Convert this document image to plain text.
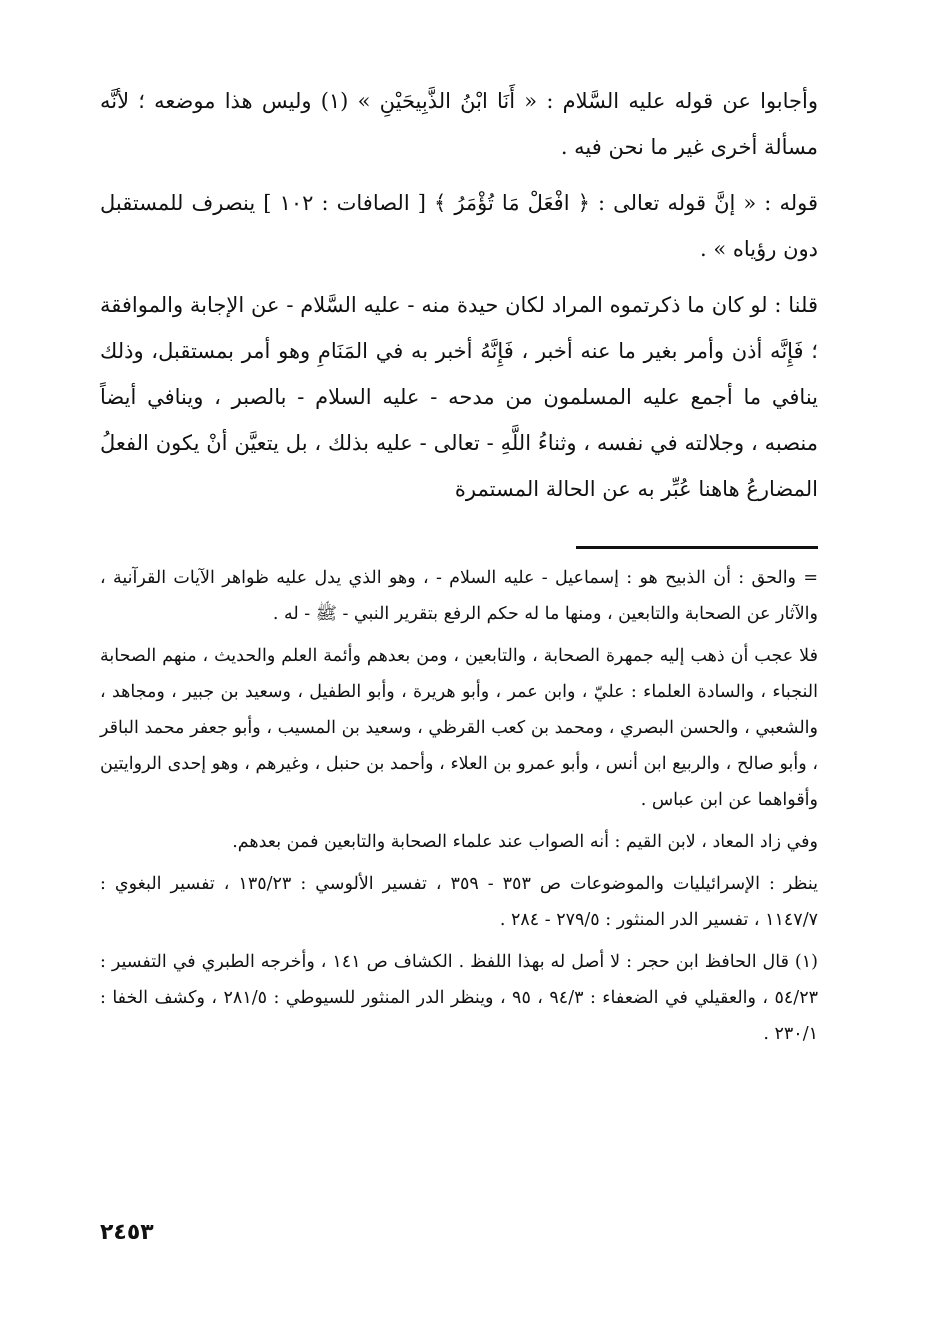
وأجابوا عن قوله عليه السَّلام : « أَنَا ابْنُ الذَّبِيحَيْنِ » (١) وليس هذا موضعه ؛ لأنَّه مسألة أخرى غير ما نحن فيه .

قوله : « إنَّ قوله تعالى : ﴿ افْعَلْ مَا تُؤْمَرُ ﴾ [ الصافات : ١٠٢ ] ينصرف للمستقبل دون رؤياه » .

قلنا : لو كان ما ذكرتموه المراد لكان حيدة منه - عليه السَّلام - عن الإجابة والموافقة ؛ فَإِنَّه أذن وأمر بغير ما عنه أخبر ، فَإِنَّهُ أخبر به في المَنَامِ وهو أمر بمستقبل، وذلك ينافي ما أجمع عليه المسلمون من مدحه - عليه السلام - بالصبر ، وينافي أيضاً منصبه ، وجلالته في نفسه ، وثناءُ اللَّهِ - تعالى - عليه بذلك ، بل يتعيَّن أنْ يكون الفعلُ المضارعُ هاهنا عُبِّر به عن الحالة المستمرة

= والحق : أن الذبيح هو : إسماعيل - عليه السلام - ، وهو الذي يدل عليه ظواهر الآيات القرآنية ، والآثار عن الصحابة والتابعين ، ومنها ما له حكم الرفع بتقرير النبي - ﷺ - له .

فلا عجب أن ذهب إليه جمهرة الصحابة ، والتابعين ، ومن بعدهم وأئمة العلم والحديث ، منهم الصحابة النجباء ، والسادة العلماء : عليّ ، وابن عمر ، وأبو هريرة ، وأبو الطفيل ، وسعيد بن جبير ، ومجاهد ، والشعبي ، والحسن البصري ، ومحمد بن كعب القرظي ، وسعيد بن المسيب ، وأبو جعفر محمد الباقر ، وأبو صالح ، والربيع ابن أنس ، وأبو عمرو بن العلاء ، وأحمد بن حنبل ، وغيرهم ، وهو إحدى الروايتين وأقواهما عن ابن عباس .

وفي زاد المعاد ، لابن القيم : أنه الصواب عند علماء الصحابة والتابعين فمن بعدهم.

ينظر : الإسرائيليات والموضوعات ص ٣٥٣ - ٣٥٩ ، تفسير الألوسي : ١٣٥/٢٣ ، تفسير البغوي : ١١٤٧/٧ ، تفسير الدر المنثور : ٢٧٩/٥ - ٢٨٤ .

(١) قال الحافظ ابن حجر : لا أصل له بهذا اللفظ . الكشاف ص ١٤١ ، وأخرجه الطبري في التفسير : ٥٤/٢٣ ، والعقيلي في الضعفاء : ٩٤/٣ ، ٩٥ ، وينظر الدر المنثور للسيوطي : ٢٨١/٥ ، وكشف الخفا : ٢٣٠/١ .

٢٤٥٣
